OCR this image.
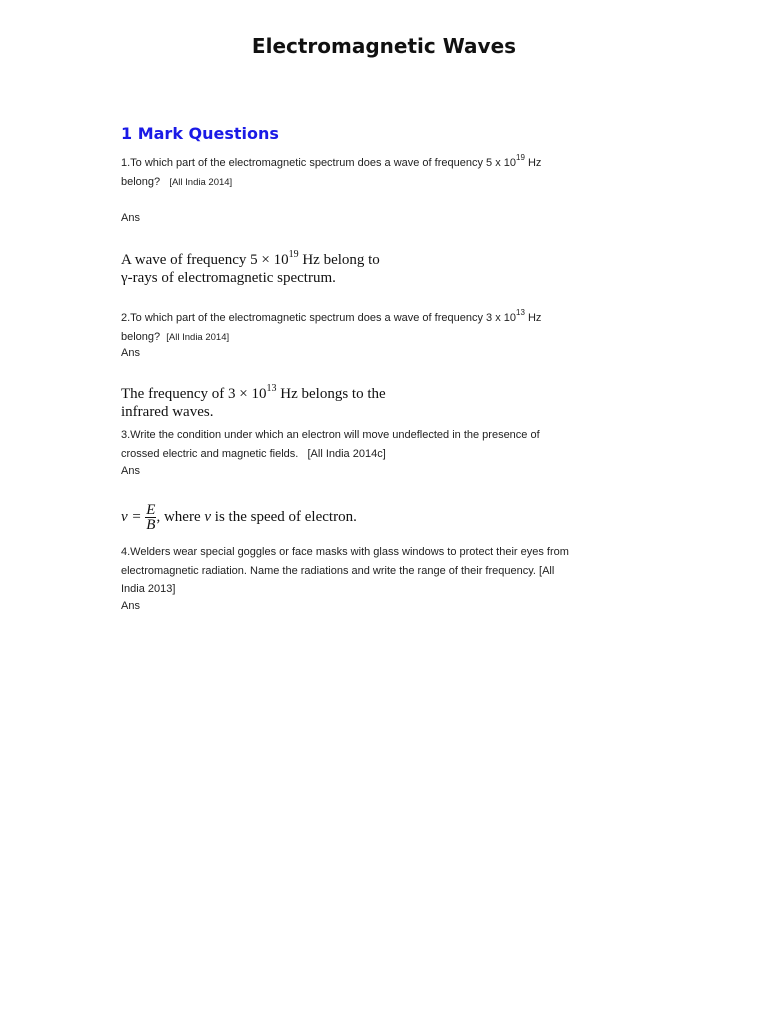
Electromagnetic Waves
1 Mark Questions
1.To which part of the electromagnetic spectrum does a wave of frequency 5 x $10^{19}$ Hz
belong? [All India 2014]
Ans
A wave of frequency $5 \times 10^{19}$ Hz belong to
γ-rays of electromagnetic spectrum.
2.To which part of the electromagnetic spectrum does a wave of frequency 3 x $10^{13}$ Hz
belong? [All India 2014]
Ans
The frequency of $3 \times 10^{13}$ Hz belongs to the
infrared waves.
3.Write the condition under which an electron will move undeflected in the presence of
crossed electric and magnetic fields. [All India 2014c]
Ans
$v = \frac{E}{B}$ , where v is the speed of electron.
4.Welders wear special goggles or face masks with glass windows to protect their eyes from
electromagnetic radiation. Name the radiations and write the range of their frequency. [All
India 2013]
Ans
